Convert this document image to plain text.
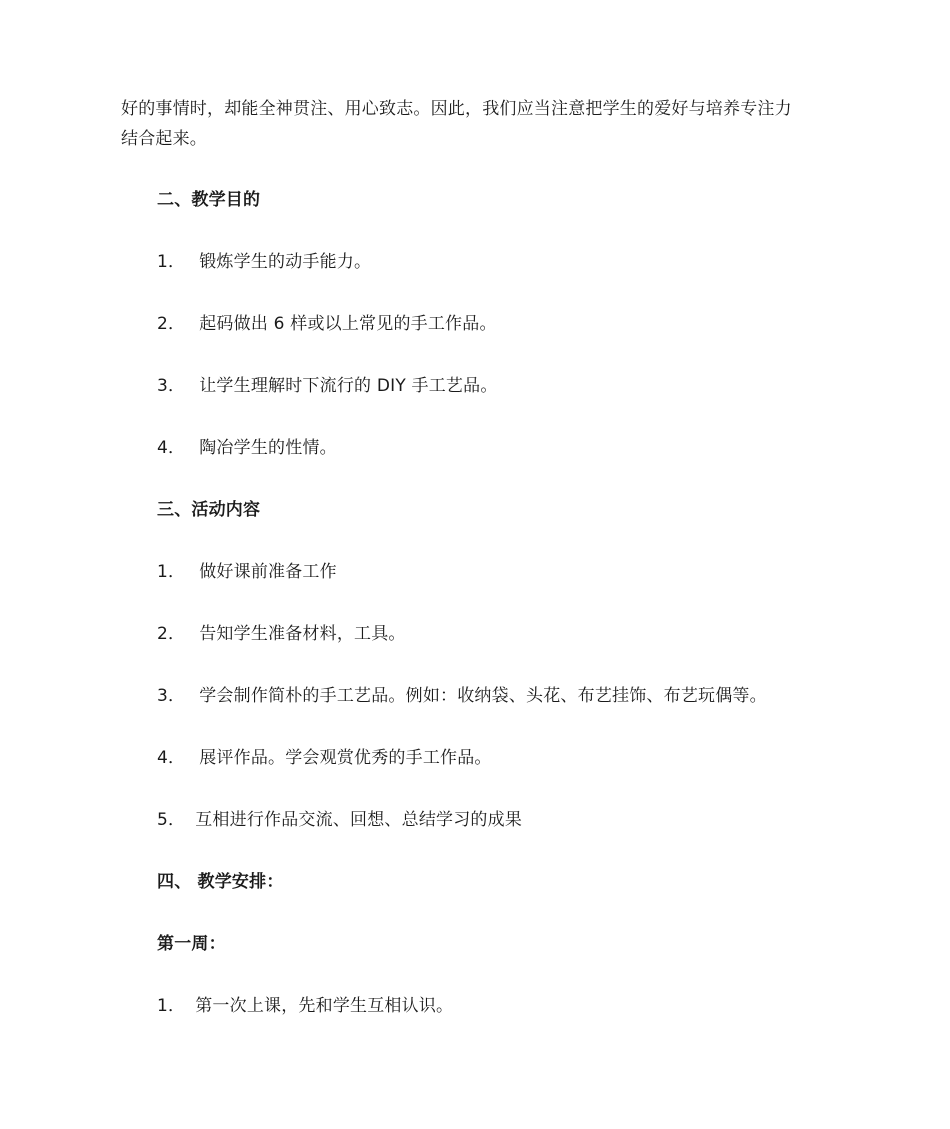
好的事情时，却能全神贯注、用心致志。因此，我们应当注意把学生的爱好与培养专注力
结合起来。
二、教学目的
1． 锻炼学生的动手能力。
2． 起码做出 6 样或以上常见的手工作品。
3． 让学生理解时下流行的 DIY 手工艺品。
4． 陶冶学生的性情。
三、活动内容
1． 做好课前准备工作
2． 告知学生准备材料，工具。
3． 学会制作简朴的手工艺品。例如：收纳袋、头花、布艺挂饰、布艺玩偶等。
4． 展评作品。学会观赏优秀的手工作品。
5． 互相进行作品交流、回想、总结学习的成果
四、 教学安排：
第一周：
1． 第一次上课，先和学生互相认识。
